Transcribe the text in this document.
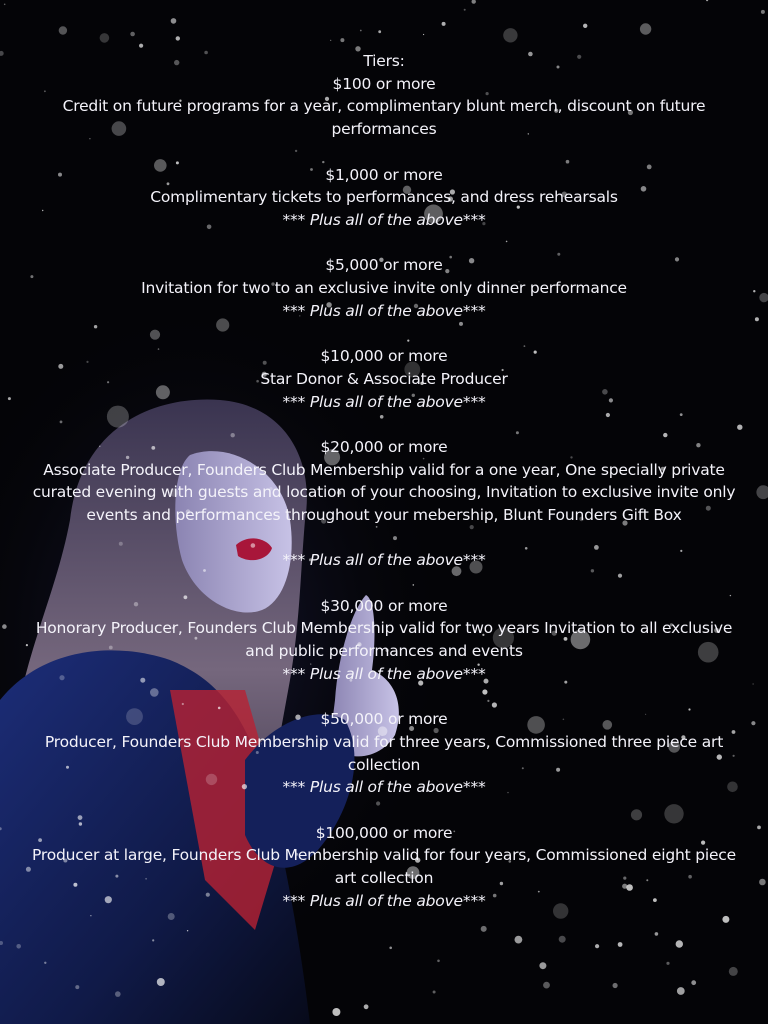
Tiers:

$100 or more

Credit on future programs for a year, complimentary blunt merch, discount on future performances

$1,000 or more

Complimentary tickets to performances, and dress rehearsals

*** Plus all of the above***

$5,000 or more

Invitation for two to an exclusive invite only dinner performance

*** Plus all of the above***

$10,000 or more

Star Donor & Associate Producer

*** Plus all of the above***

$20,000 or more

Associate Producer, Founders Club Membership valid for a one year, One specially private curated evening with guests and location of your choosing, Invitation to exclusive invite only events and performances throughout your mebership, Blunt Founders Gift Box

*** Plus all of the above***

$30,000 or more

Honorary Producer, Founders Club Membership valid for two years Invitation to all exclusive and public performances and events

*** Plus all of the above***

$50,000 or more

Producer, Founders Club Membership valid for three years, Commissioned three piece art collection

*** Plus all of the above***

$100,000 or more

Producer at large, Founders Club Membership valid for four years, Commissioned eight piece art collection

*** Plus all of the above***
